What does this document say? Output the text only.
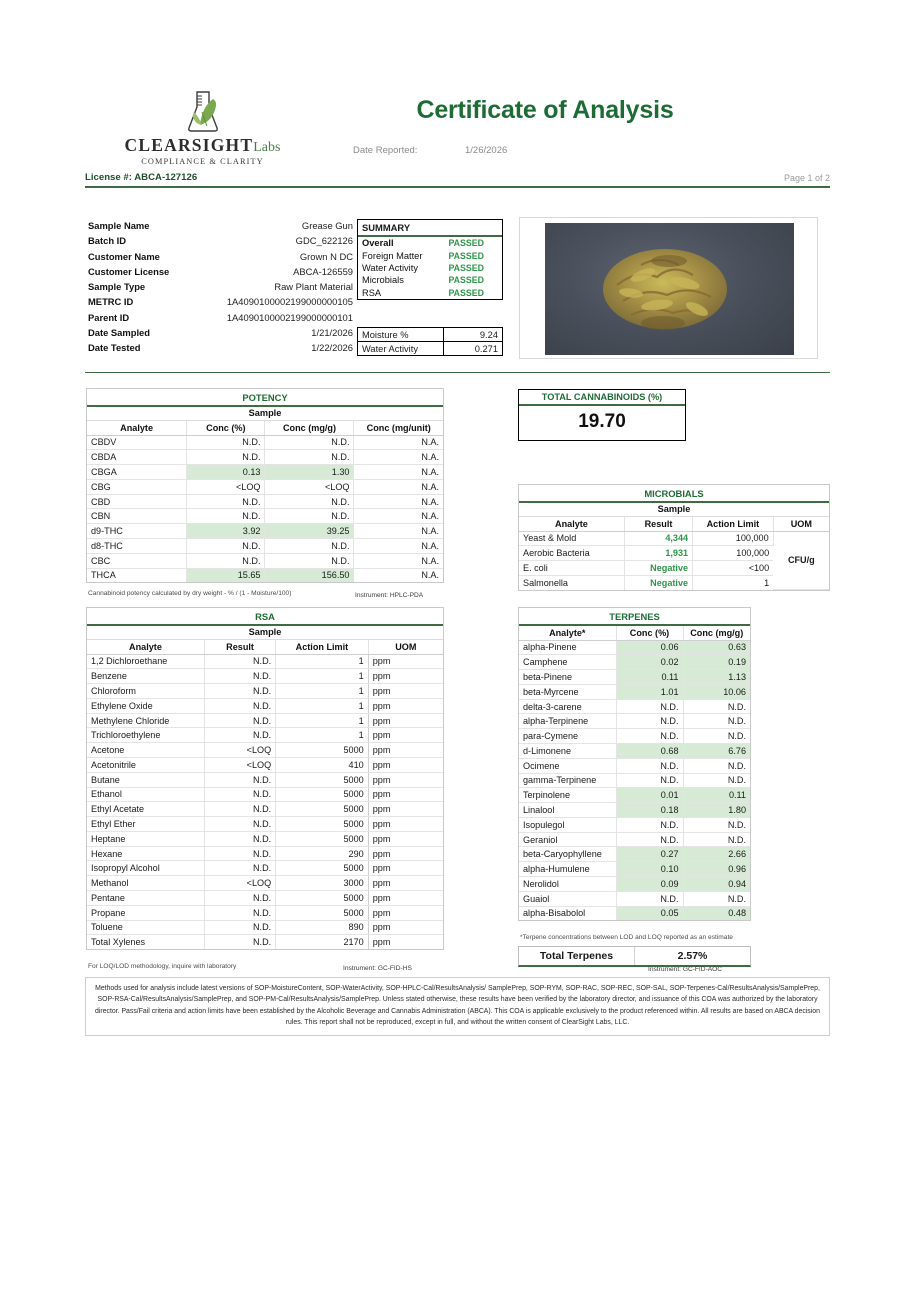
CLEARSIGHTLabs
COMPLIANCE & CLARITY
Certificate of Analysis
Date Reported:	1/26/2026
License #: ABCA-127126	Page 1 of 2
Sample Name	Grease Gun
Batch ID	GDC_622126
Customer Name	Grown N DC
Customer License	ABCA-126559
Sample Type	Raw Plant Material
METRC ID	1A4090100002199000000105
Parent ID	1A4090100002199000000101
Date Sampled	1/21/2026
Date Tested	1/22/2026
SUMMARY
Overall	PASSED
Foreign Matter	PASSED
Water Activity	PASSED
Microbials	PASSED
RSA	PASSED
Moisture %	9.24
Water Activity	0.271
POTENCY
Sample
Analyte	Conc (%)	Conc (mg/g)	Conc (mg/unit)
CBDV	N.D.	N.D.	N.A.
CBDA	N.D.	N.D.	N.A.
CBGA	0.13	1.30	N.A.
CBG	<LOQ	<LOQ	N.A.
CBD	N.D.	N.D.	N.A.
CBN	N.D.	N.D.	N.A.
d9-THC	3.92	39.25	N.A.
d8-THC	N.D.	N.D.	N.A.
CBC	N.D.	N.D.	N.A.
THCA	15.65	156.50	N.A.
Cannabinoid potency calculated by dry weight - % / (1 - Moisture/100)	Instrument: HPLC-PDA
TOTAL CANNABINOIDS (%)
19.70
MICROBIALS
Sample
Analyte	Result	Action Limit	UOM
Yeast & Mold	4,344	100,000	CFU/g
Aerobic Bacteria	1,931	100,000	
E. coli	Negative	<100	
Salmonella	Negative	1	
RSA
Sample
Analyte	Result	Action Limit	UOM
1,2 Dichloroethane	N.D.	1	ppm
Benzene	N.D.	1	ppm
Chloroform	N.D.	1	ppm
Ethylene Oxide	N.D.	1	ppm
Methylene Chloride	N.D.	1	ppm
Trichloroethylene	N.D.	1	ppm
Acetone	<LOQ	5000	ppm
Acetonitrile	<LOQ	410	ppm
Butane	N.D.	5000	ppm
Ethanol	N.D.	5000	ppm
Ethyl Acetate	N.D.	5000	ppm
Ethyl Ether	N.D.	5000	ppm
Heptane	N.D.	5000	ppm
Hexane	N.D.	290	ppm
Isopropyl Alcohol	N.D.	5000	ppm
Methanol	<LOQ	3000	ppm
Pentane	N.D.	5000	ppm
Propane	N.D.	5000	ppm
Toluene	N.D.	890	ppm
Total Xylenes	N.D.	2170	ppm
For LOQ/LOD methodology, inquire with laboratory	Instrument: GC-FID-HS
TERPENES
Analyte*	Conc (%)	Conc (mg/g)
alpha-Pinene	0.06	0.63
Camphene	0.02	0.19
beta-Pinene	0.11	1.13
beta-Myrcene	1.01	10.06
delta-3-carene	N.D.	N.D.
alpha-Terpinene	N.D.	N.D.
para-Cymene	N.D.	N.D.
d-Limonene	0.68	6.76
Ocimene	N.D.	N.D.
gamma-Terpinene	N.D.	N.D.
Terpinolene	0.01	0.11
Linalool	0.18	1.80
Isopulegol	N.D.	N.D.
Geraniol	N.D.	N.D.
beta-Caryophyllene	0.27	2.66
alpha-Humulene	0.10	0.96
Nerolidol	0.09	0.94
Guaiol	N.D.	N.D.
alpha-Bisabolol	0.05	0.48
*Terpene concentrations between LOD and LOQ reported as an estimate
Total Terpenes	2.57%
Instrument: GC-FID-AOC

Methods used for analysis include latest versions of SOP-MoistureContent, SOP-WaterActivity, SOP-HPLC-Cal/ResultsAnalysis/ SamplePrep, SOP-RYM, SOP-RAC, SOP-REC, SOP-SAL, SOP-Terpenes-Cal/ResultsAnalysis/SamplePrep, SOP-RSA-Cal/ResultsAnalysis/SamplePrep, and SOP-PM-Cal/ResultsAnalysis/SamplePrep. Unless stated otherwise, these results have been verified by the laboratory director, and issuance of this COA was authorized by the laboratory director. Pass/Fail criteria and action limits have been established by the Alcoholic Beverage and Cannabis Administration (ABCA). This COA is applicable exclusively to the product referenced within. All results are based on ABCA decision rules. This report shall not be reproduced, except in full, and without the written consent of ClearSight Labs, LLC.
